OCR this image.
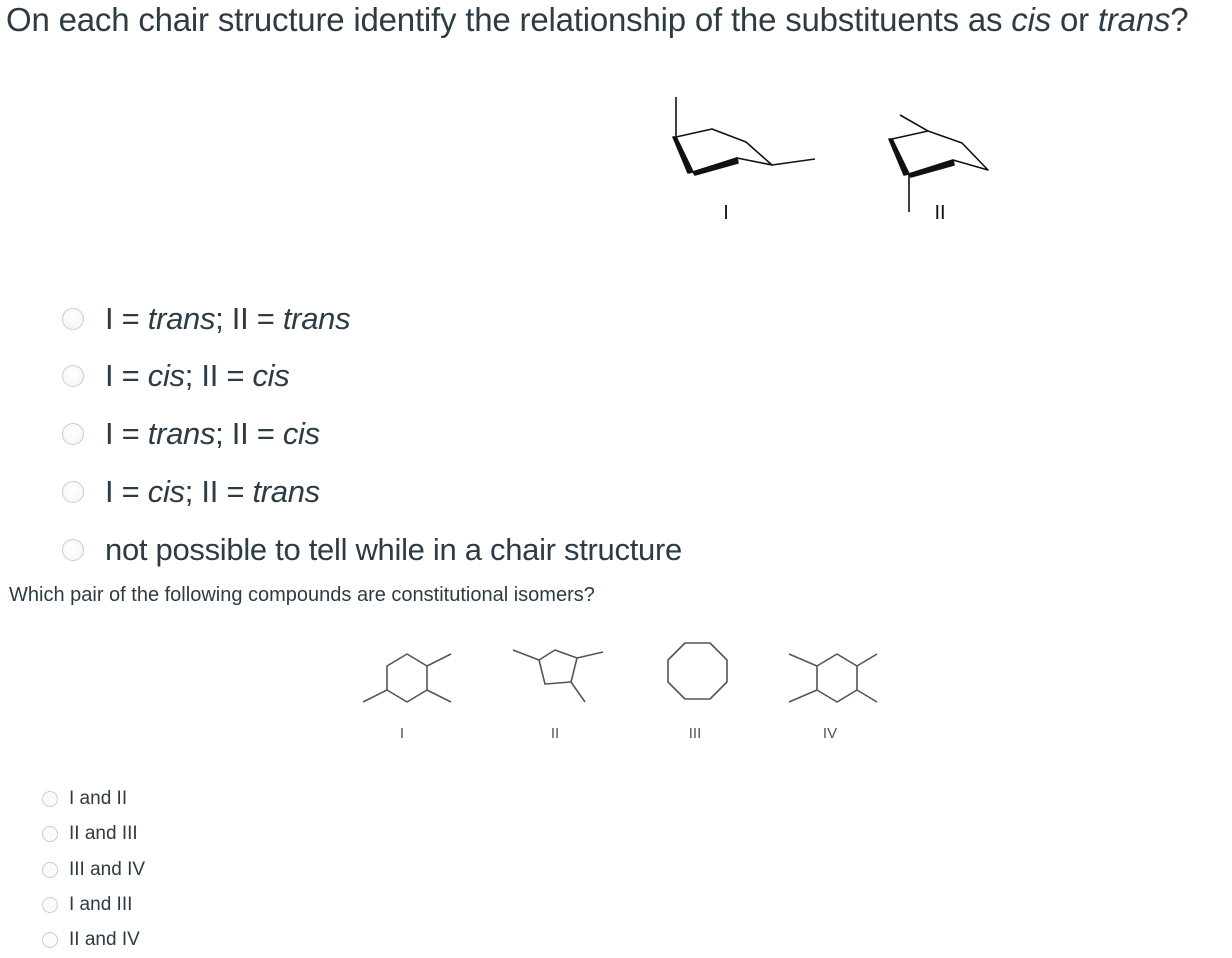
On each chair structure identify the relationship of the substituents as cis or trans?
I	II
I = trans; II = trans
I = cis; II = cis
I = trans; II = cis
I = cis; II = trans
not possible to tell while in a chair structure
Which pair of the following compounds are constitutional isomers?
I	II	III	IV
I and II
II and III
III and IV
I and III
II and IV
